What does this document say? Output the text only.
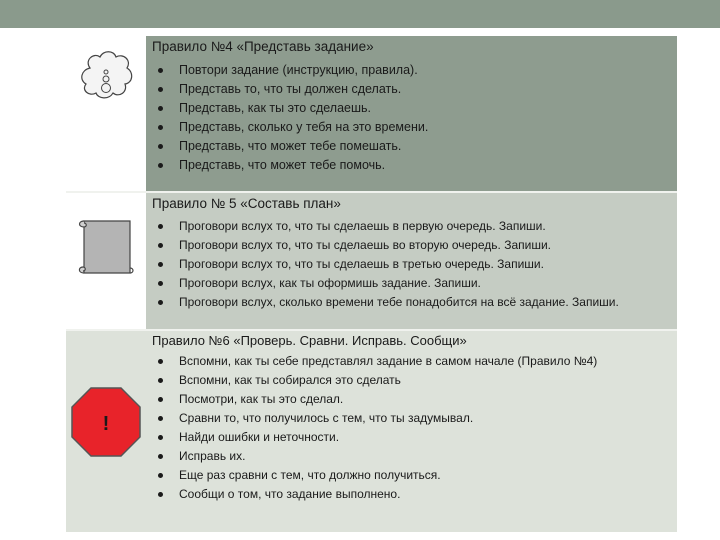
!
Правило №4 «Представь задание»
Повтори задание (инструкцию, правила).
Представь то, что ты должен сделать.
Представь, как ты это сделаешь.
Представь, сколько у тебя на это времени.
Представь, что может тебе помешать.
Представь, что может тебе помочь.
Правило № 5 «Составь план»
Проговори вслух то, что ты сделаешь в первую очередь. Запиши.
Проговори вслух то, что ты сделаешь во вторую очередь. Запиши.
Проговори вслух то, что ты сделаешь в третью очередь. Запиши.
Проговори вслух, как ты оформишь задание. Запиши.
Проговори вслух, сколько времени тебе понадобится на всё задание. Запиши.
Правило №6 «Проверь. Сравни. Исправь. Сообщи»
Вспомни, как ты себе представлял задание в самом начале (Правило №4)
Вспомни, как ты собирался это сделать
Посмотри, как ты это сделал.
Сравни то, что получилось с тем, что ты задумывал.
Найди ошибки и неточности.
Исправь их.
Еще раз сравни с тем, что должно получиться.
Сообщи о том, что задание выполнено.
